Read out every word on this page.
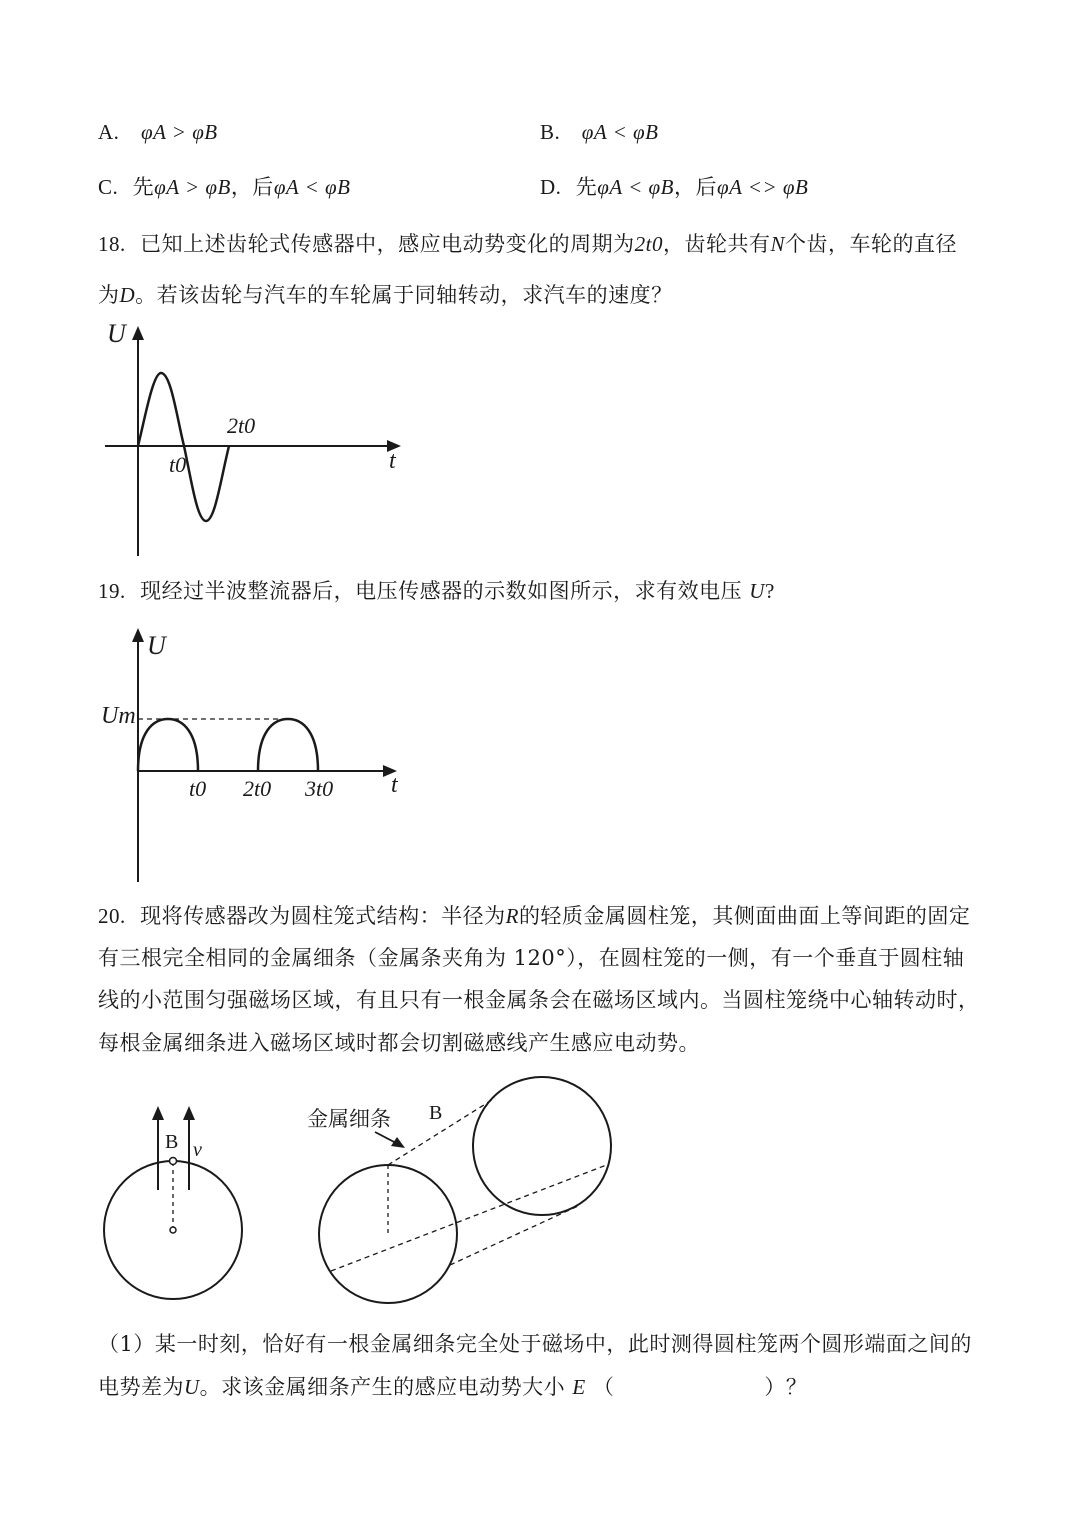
A. φA > φB	B. φA < φB
C. 先φA > φB，后φA < φB	D. 先φA < φB，后φA <> φB
18. 已知上述齿轮式传感器中，感应电动势变化的周期为2t0，齿轮共有N个齿，车轮的直径
为D。若该齿轮与汽车的车轮属于同轴转动，求汽车的速度？
U
t
t0
2t0
19. 现经过半波整流器后，电压传感器的示数如图所示，求有效电压 U?
U
t
Um
t0 2t0 3t0
20. 现将传感器改为圆柱笼式结构：半径为R的轻质金属圆柱笼，其侧面曲面上等间距的固定
有三根完全相同的金属细条（金属条夹角为 120°），在圆柱笼的一侧，有一个垂直于圆柱轴
线的小范围匀强磁场区域，有且只有一根金属条会在磁场区域内。当圆柱笼绕中心轴转动时，
每根金属细条进入磁场区域时都会切割磁感线产生感应电动势。
B v
金属细条 B
（1）某一时刻，恰好有一根金属细条完全处于磁场中，此时测得圆柱笼两个圆形端面之间的
电势差为U。求该金属细条产生的感应电动势大小 E （	）？
